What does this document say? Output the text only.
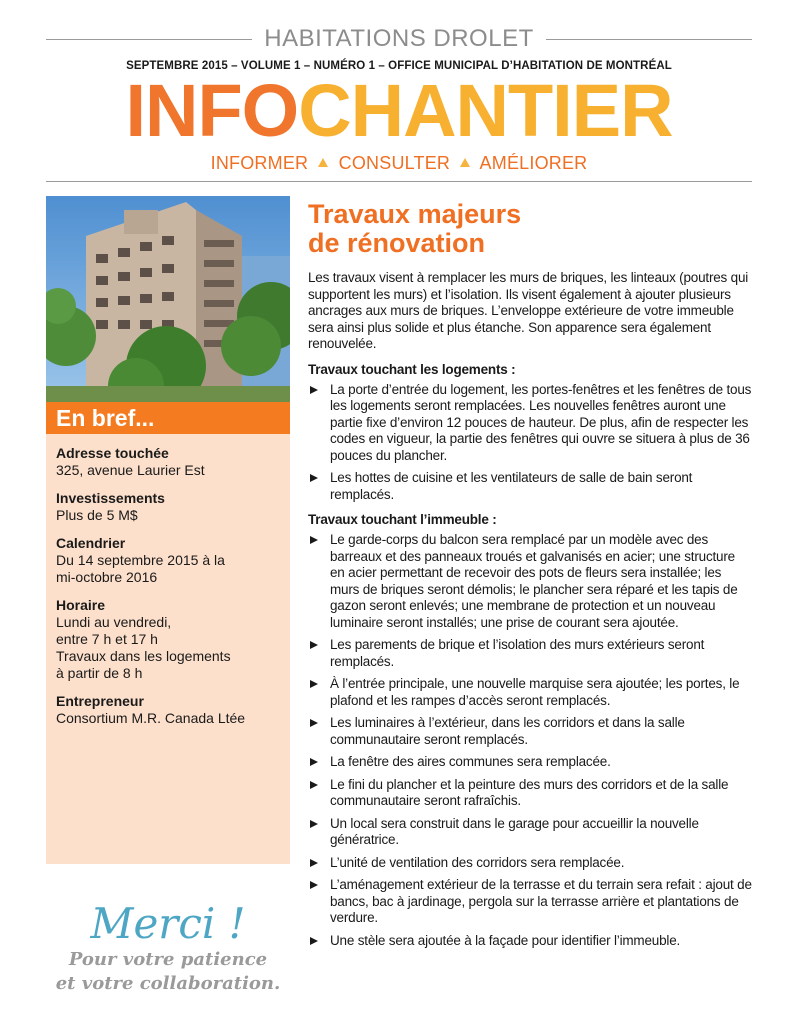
HABITATIONS DROLET
SEPTEMBRE 2015 – VOLUME 1 – NUMÉRO 1 – OFFICE MUNICIPAL D’HABITATION DE MONTRÉAL
INFOCHANTIER
INFORMER CONSULTER AMÉLIORER
En bref...
Adresse touchée
325, avenue Laurier Est
Investissements
Plus de 5 M$
Calendrier
Du 14 septembre 2015 à la
mi-octobre 2016
Horaire
Lundi au vendredi,
entre 7 h et 17 h
Travaux dans les logements
à partir de 8 h
Entrepreneur
Consortium M.R. Canada Ltée
Merci !
Pour votre patience
et votre collaboration.
Travaux majeurs
de rénovation
Les travaux visent à remplacer les murs de briques, les linteaux (poutres qui supportent les murs) et l’isolation. Ils visent également à ajouter plusieurs ancrages aux murs de briques. L’enveloppe extérieure de votre immeuble sera ainsi plus solide et plus étanche. Son apparence sera également renouvelée.
Travaux touchant les logements :
La porte d’entrée du logement, les portes-fenêtres et les fenêtres de tous les logements seront remplacées. Les nouvelles fenêtres auront une partie fixe d’environ 12 pouces de hauteur. De plus, afin de respecter les codes en vigueur, la partie des fenêtres qui ouvre se situera à plus de 36 pouces du plancher.
Les hottes de cuisine et les ventilateurs de salle de bain seront remplacés.
Travaux touchant l’immeuble :
Le garde-corps du balcon sera remplacé par un modèle avec des barreaux et des panneaux troués et galvanisés en acier; une structure en acier permettant de recevoir des pots de fleurs sera installée; les murs de briques seront démolis; le plancher sera réparé et les tapis de gazon seront enlevés; une membrane de protection et un nouveau luminaire seront installés; une prise de courant sera ajoutée.
Les parements de brique et l’isolation des murs extérieurs seront remplacés.
À l’entrée principale, une nouvelle marquise sera ajoutée; les portes, le plafond et les rampes d’accès seront remplacés.
Les luminaires à l’extérieur, dans les corridors et dans la salle communautaire seront remplacés.
La fenêtre des aires communes sera remplacée.
Le fini du plancher et la peinture des murs des corridors et de la salle communautaire seront rafraîchis.
Un local sera construit dans le garage pour accueillir la nouvelle génératrice.
L’unité de ventilation des corridors sera remplacée.
L’aménagement extérieur de la terrasse et du terrain sera refait : ajout de bancs, bac à jardinage, pergola sur la terrasse arrière et plantations de verdure.
Une stèle sera ajoutée à la façade pour identifier l’immeuble.
